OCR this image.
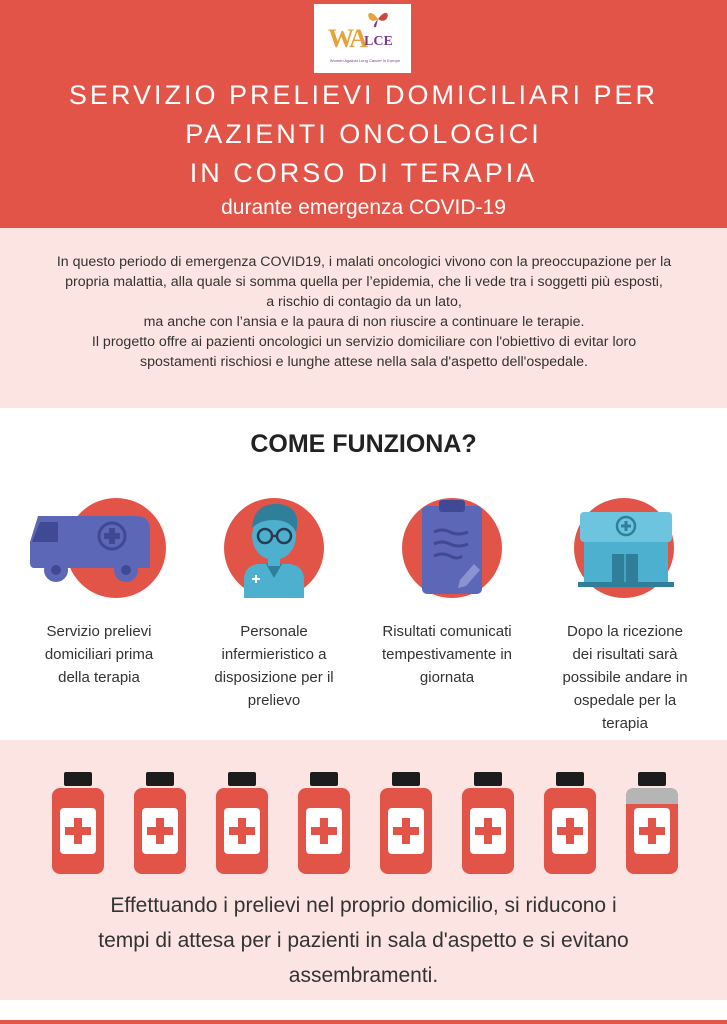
WA
LCE
Women Against Lung Cancer in Europe
SERVIZIO PRELIEVI DOMICILIARI PER
PAZIENTI ONCOLOGICI
IN CORSO DI TERAPIA
durante emergenza COVID-19
In questo periodo di emergenza COVID19, i malati oncologici vivono con la preoccupazione per la
propria malattia, alla quale si somma quella per l’epidemia, che li vede tra i soggetti più esposti,
a rischio di contagio da un lato,
ma anche con l’ansia e la paura di non riuscire a continuare le terapie.
Il progetto offre ai pazienti oncologici un servizio domiciliare con l'obiettivo di evitar loro
spostamenti rischiosi e lunghe attese nella sala d'aspetto dell'ospedale.
COME FUNZIONA?
Servizio prelievi
domiciliari prima
della terapia
Personale
infermieristico a
disposizione per il
prelievo
Risultati comunicati
tempestivamente in
giornata
Dopo la ricezione
dei risultati sarà
possibile andare in
ospedale per la
terapia
Effettuando i prelievi nel proprio domicilio, si riducono i
tempi di attesa per i pazienti in sala d'aspetto e si evitano
assembramenti.
